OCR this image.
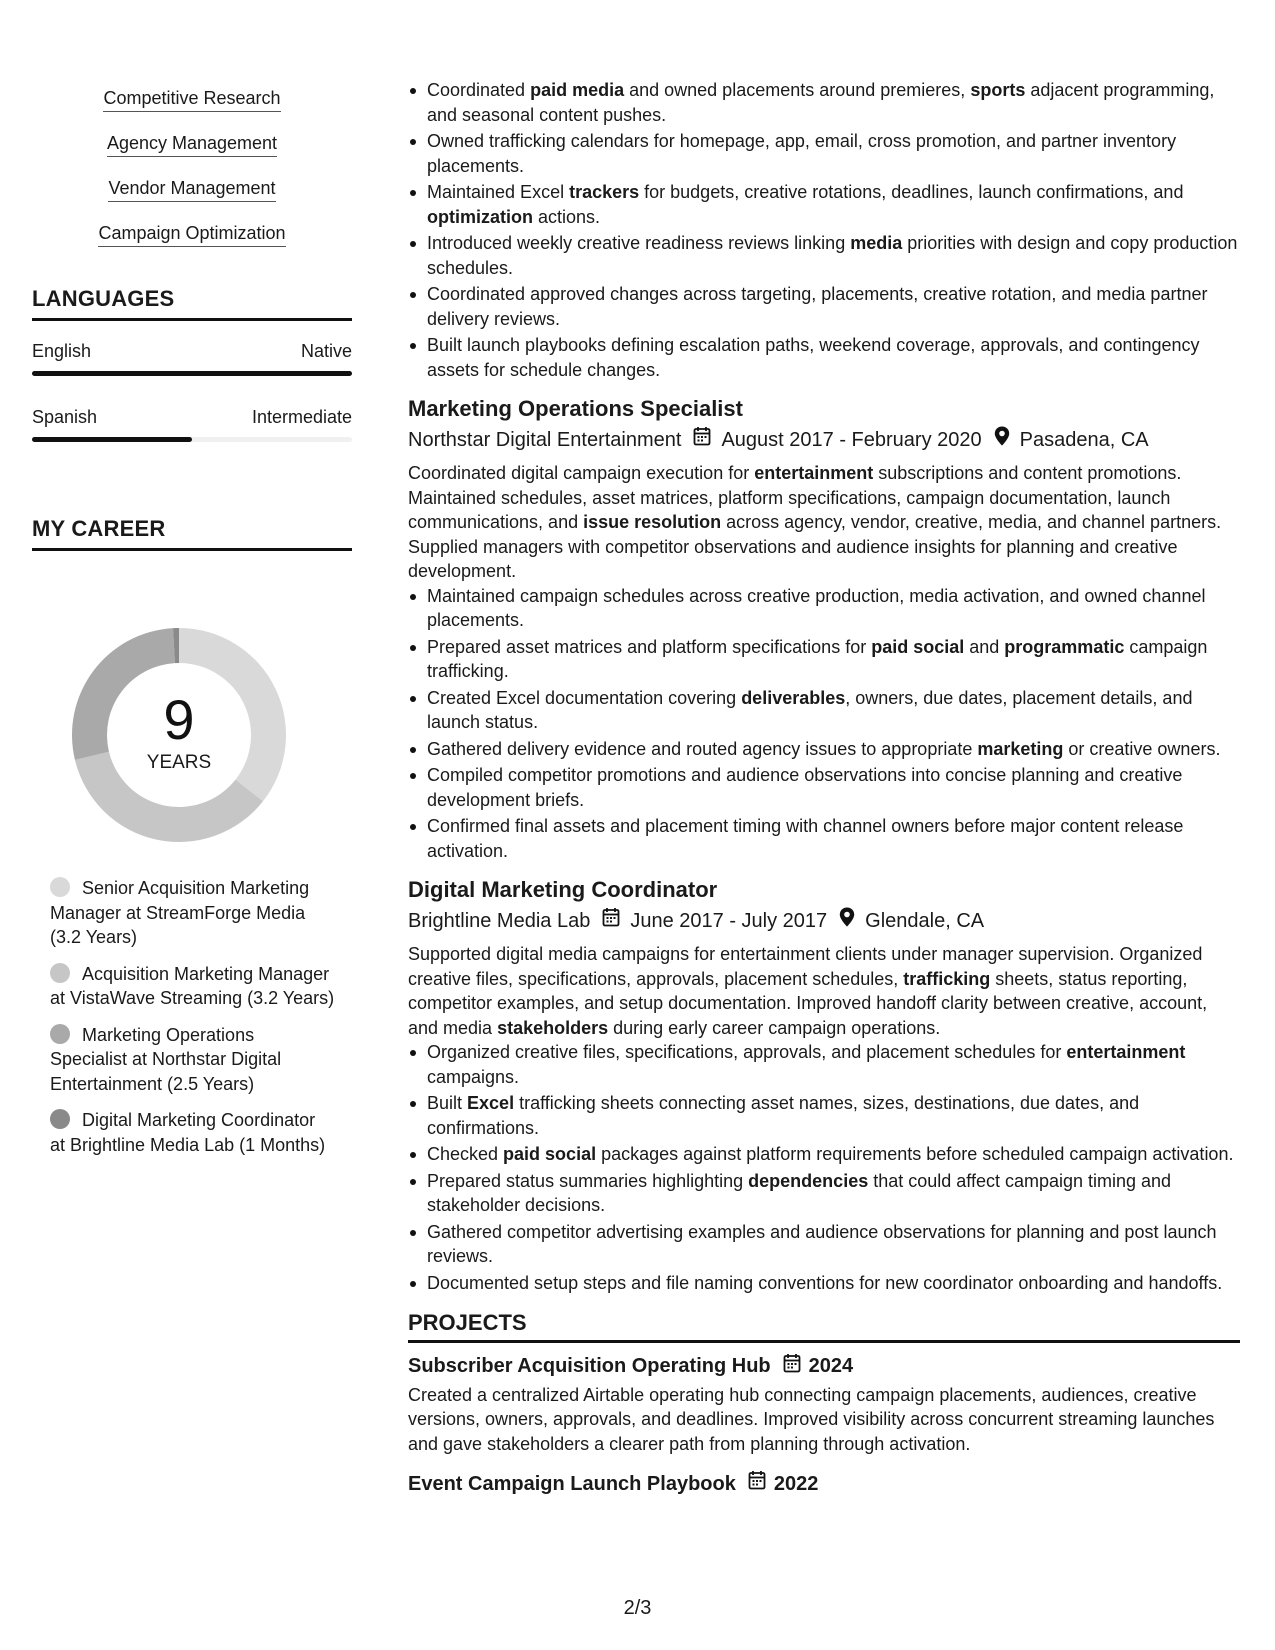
Competitive Research
Agency Management
Vendor Management
Campaign Optimization
LANGUAGES
English	Native
Spanish	Intermediate
MY CAREER
9
YEARS
Senior Acquisition Marketing Manager at StreamForge Media (3.2 Years)
Acquisition Marketing Manager at VistaWave Streaming (3.2 Years)
Marketing Operations Specialist at Northstar Digital Entertainment (2.5 Years)
Digital Marketing Coordinator at Brightline Media Lab (1 Months)
Coordinated paid media and owned placements around premieres, sports adjacent programming, and seasonal content pushes.
Owned trafficking calendars for homepage, app, email, cross promotion, and partner inventory placements.
Maintained Excel trackers for budgets, creative rotations, deadlines, launch confirmations, and optimization actions.
Introduced weekly creative readiness reviews linking media priorities with design and copy production schedules.
Coordinated approved changes across targeting, placements, creative rotation, and media partner delivery reviews.
Built launch playbooks defining escalation paths, weekend coverage, approvals, and contingency assets for schedule changes.
Marketing Operations Specialist
Northstar Digital Entertainment August 2017 - February 2020 Pasadena, CA
Coordinated digital campaign execution for entertainment subscriptions and content promotions. Maintained schedules, asset matrices, platform specifications, campaign documentation, launch communications, and issue resolution across agency, vendor, creative, media, and channel partners. Supplied managers with competitor observations and audience insights for planning and creative development.
Maintained campaign schedules across creative production, media activation, and owned channel placements.
Prepared asset matrices and platform specifications for paid social and programmatic campaign trafficking.
Created Excel documentation covering deliverables, owners, due dates, placement details, and launch status.
Gathered delivery evidence and routed agency issues to appropriate marketing or creative owners.
Compiled competitor promotions and audience observations into concise planning and creative development briefs.
Confirmed final assets and placement timing with channel owners before major content release activation.
Digital Marketing Coordinator
Brightline Media Lab June 2017 - July 2017 Glendale, CA
Supported digital media campaigns for entertainment clients under manager supervision. Organized creative files, specifications, approvals, placement schedules, trafficking sheets, status reporting, competitor examples, and setup documentation. Improved handoff clarity between creative, account, and media stakeholders during early career campaign operations.
Organized creative files, specifications, approvals, and placement schedules for entertainment campaigns.
Built Excel trafficking sheets connecting asset names, sizes, destinations, due dates, and confirmations.
Checked paid social packages against platform requirements before scheduled campaign activation.
Prepared status summaries highlighting dependencies that could affect campaign timing and stakeholder decisions.
Gathered competitor advertising examples and audience observations for planning and post launch reviews.
Documented setup steps and file naming conventions for new coordinator onboarding and handoffs.
PROJECTS
Subscriber Acquisition Operating Hub 2024
Created a centralized Airtable operating hub connecting campaign placements, audiences, creative versions, owners, approvals, and deadlines. Improved visibility across concurrent streaming launches and gave stakeholders a clearer path from planning through activation.
Event Campaign Launch Playbook 2022
2/3
